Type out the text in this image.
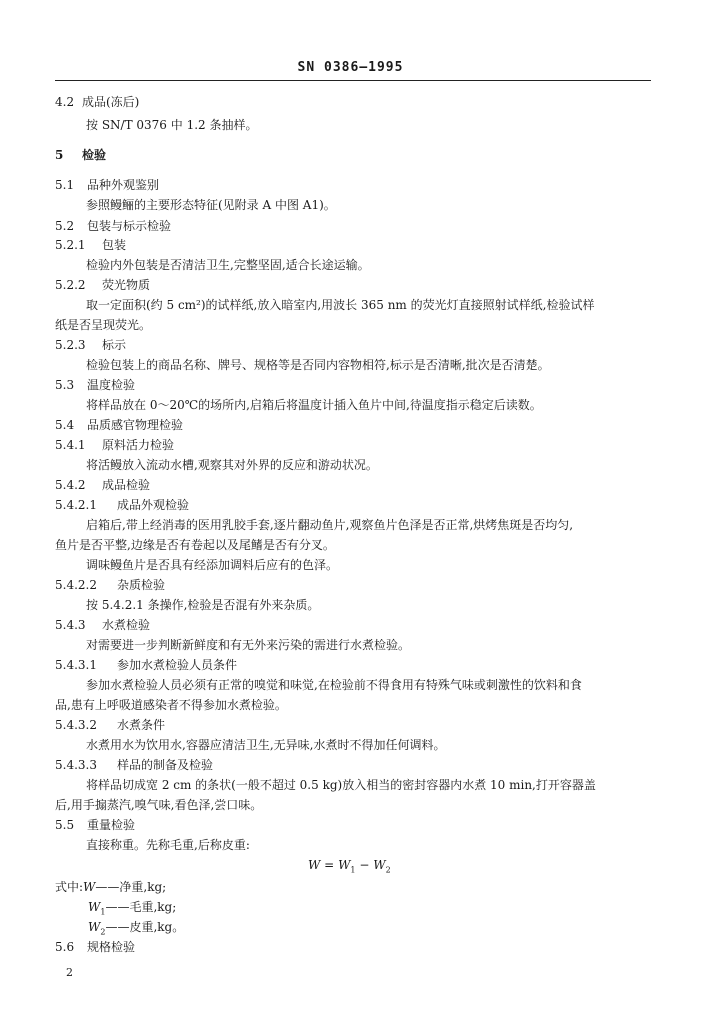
SN 0386—1995
4.2 成品(冻后)
按 SN/T 0376 中 1.2 条抽样。
5 检验
5.1 品种外观鉴别
参照鳗鲡的主要形态特征(见附录 A 中图 A1)。
5.2 包装与标示检验
5.2.1 包装
检验内外包装是否清洁卫生,完整坚固,适合长途运输。
5.2.2 荧光物质
取一定面积(约 5 cm²)的试样纸,放入暗室内,用波长 365 nm 的荧光灯直接照射试样纸,检验试样
纸是否呈现荧光。
5.2.3 标示
检验包装上的商品名称、牌号、规格等是否同内容物相符,标示是否清晰,批次是否清楚。
5.3 温度检验
将样品放在 0～20℃的场所内,启箱后将温度计插入鱼片中间,待温度指示稳定后读数。
5.4 品质感官物理检验
5.4.1 原料活力检验
将活鳗放入流动水槽,观察其对外界的反应和游动状况。
5.4.2 成品检验
5.4.2.1 成品外观检验
启箱后,带上经消毒的医用乳胶手套,逐片翻动鱼片,观察鱼片色泽是否正常,烘烤焦斑是否均匀,
鱼片是否平整,边缘是否有卷起以及尾鳍是否有分叉。
调味鳗鱼片是否具有经添加调料后应有的色泽。
5.4.2.2 杂质检验
按 5.4.2.1 条操作,检验是否混有外来杂质。
5.4.3 水煮检验
对需要进一步判断新鲜度和有无外来污染的需进行水煮检验。
5.4.3.1 参加水煮检验人员条件
参加水煮检验人员必须有正常的嗅觉和味觉,在检验前不得食用有特殊气味或刺激性的饮料和食
品,患有上呼吸道感染者不得参加水煮检验。
5.4.3.2 水煮条件
水煮用水为饮用水,容器应清洁卫生,无异味,水煮时不得加任何调料。
5.4.3.3 样品的制备及检验
将样品切成宽 2 cm 的条状(一般不超过 0.5 kg)放入相当的密封容器内水煮 10 min,打开容器盖
后,用手搧蒸汽,嗅气味,看色泽,尝口味。
5.5 重量检验
直接称重。先称毛重,后称皮重:
$W = W_1 - W_2$
式中:W——净重,kg;
$W_1——$毛重,kg;
$W_2——$皮重,kg。
5.6 规格检验
2
